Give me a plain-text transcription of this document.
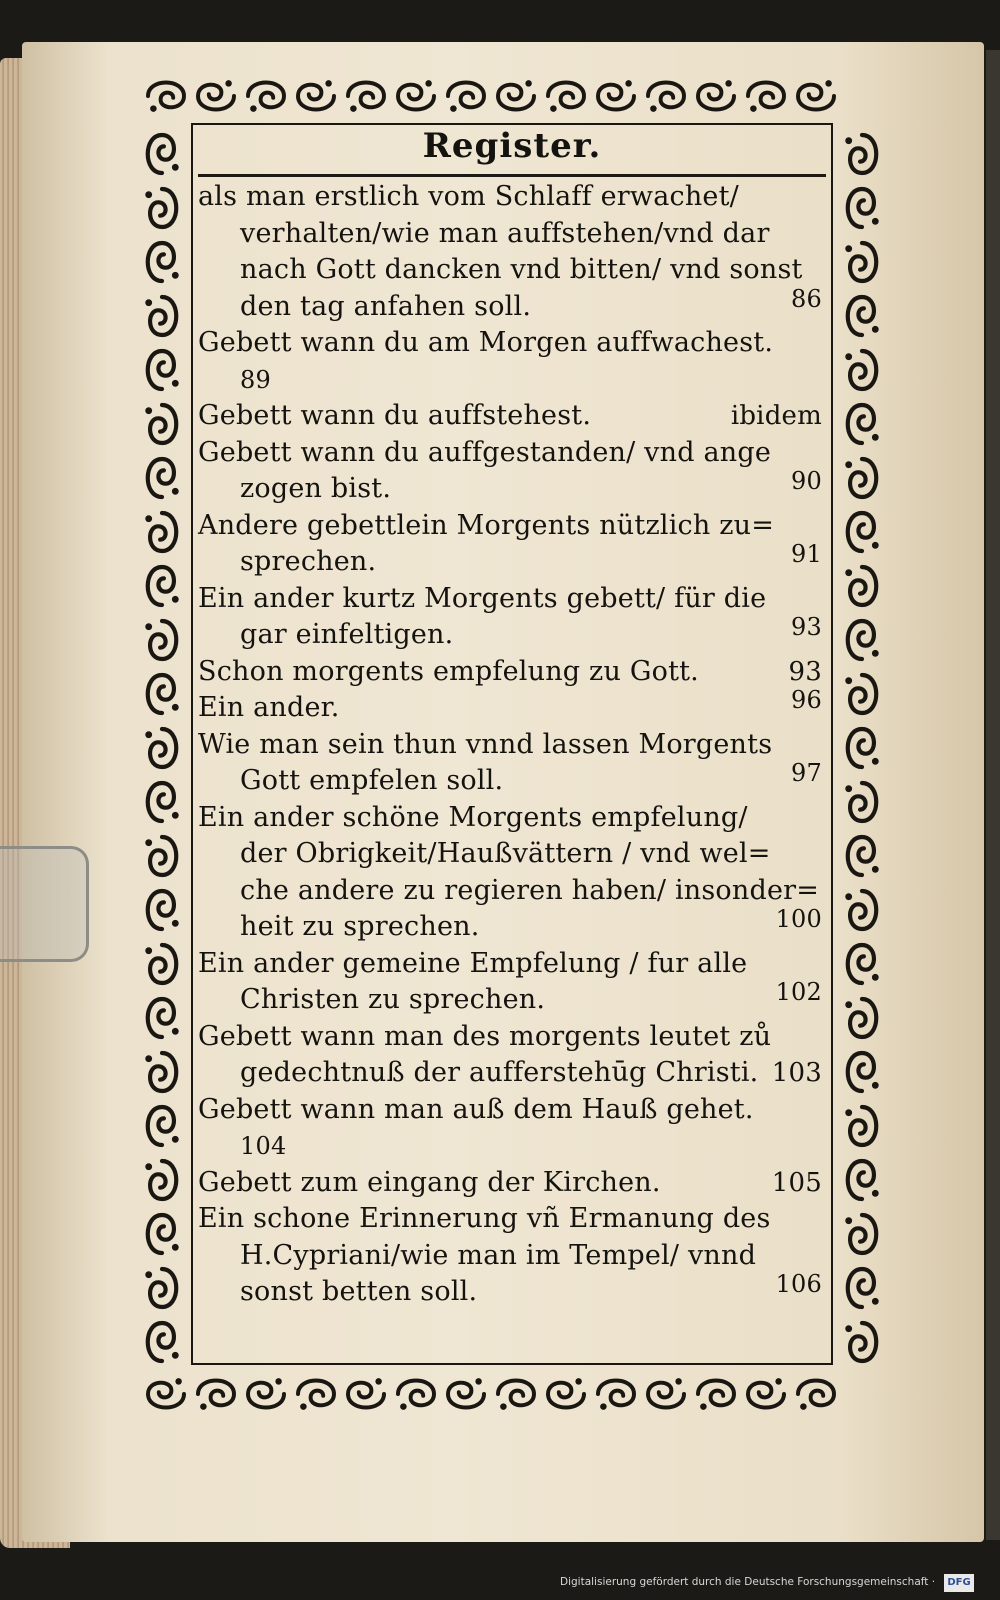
Register.
als man erstlich vom Schlaff erwachet/
verhalten/wie man auffstehen/vnd dar
nach Gott dancken vnd bitten/ vnd sonst
den tag anfahen soll.	86
Gebett wann du am Morgen auffwachest.
89
Gebett wann du auffstehest.	ibidem
Gebett wann du auffgestanden/ vnd ange
zogen bist.	90
Andere gebettlein Morgents nützlich zu=
sprechen.	91
Ein ander kurtz Morgents gebett/ für die
gar einfeltigen.	93
Schon morgents empfelung zu Gott.	93
Ein ander.	96
Wie man sein thun vnnd lassen Morgents
Gott empfelen soll.	97
Ein ander schöne Morgents empfelung/
der Obrigkeit/Haußvättern / vnd wel=
che andere zu regieren haben/ insonder=
heit zu sprechen.	100
Ein ander gemeine Empfelung / fur alle
Christen zu sprechen.	102
Gebett wann man des morgents leutet zů
gedechtnuß der aufferstehūg Christi. 103
Gebett wann man auß dem Hauß gehet.
104
Gebett zum eingang der Kirchen.	105
Ein schone Erinnerung vñ Ermanung des
H.Cypriani/wie man im Tempel/ vnnd
sonst betten soll.	106
Digitalisierung gefördert durch die Deutsche Forschungsgemeinschaft ·	DFG
